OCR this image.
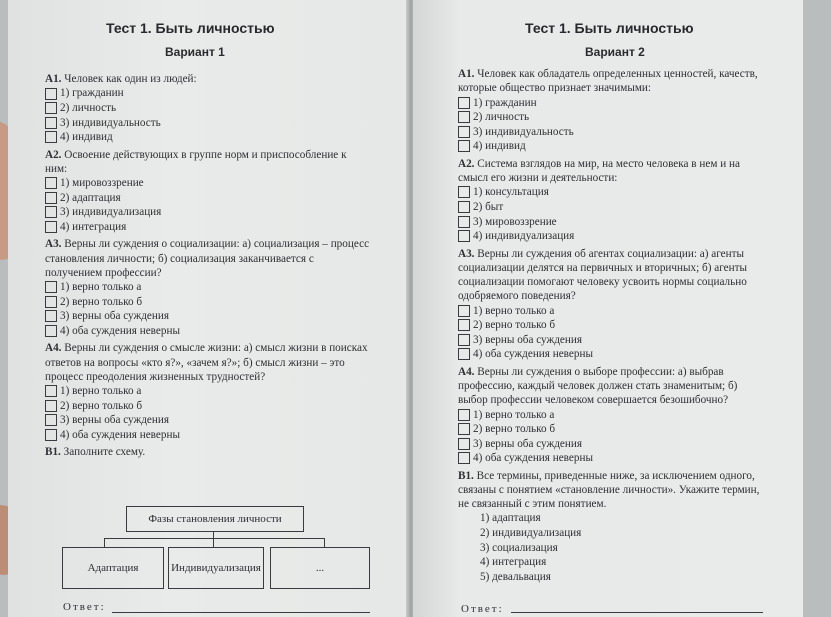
Тест 1. Быть личностью
Вариант 1

А1. Человек как один из людей:

1) гражданин
2) личность
3) индивидуальность
4) индивид

А2. Освоение действующих в группе норм и приспособление к ним:

1) мировоззрение
2) адаптация
3) индивидуализация
4) интеграция

А3. Верны ли суждения о социализации: а) социализация – процесс становления личности; б) социализация заканчивается с получением профессии?

1) верно только а
2) верно только б
3) верны оба суждения
4) оба суждения неверны

А4. Верны ли суждения о смысле жизни: а) смысл жизни в поисках ответов на вопросы «кто я?», «зачем я?»; б) смысл жизни – это процесс преодоления жизненных трудностей?

1) верно только а
2) верно только б
3) верны оба суждения
4) оба суждения неверны

В1. Заполните схему.

Фазы становления личности
Адаптация	Индивидуализация	...
Ответ:
Тест 1. Быть личностью
Вариант 2

А1. Человек как обладатель определенных ценностей, качеств, которые общество признает значимыми:

1) гражданин
2) личность
3) индивидуальность
4) индивид

А2. Система взглядов на мир, на место человека в нем и на смысл его жизни и деятельности:

1) консультация
2) быт
3) мировоззрение
4) индивидуализация

А3. Верны ли суждения об агентах социализации: а) агенты социализации делятся на первичных и вторичных; б) агенты социализации помогают человеку усвоить нормы социально одобряемого поведения?

1) верно только а
2) верно только б
3) верны оба суждения
4) оба суждения неверны

А4. Верны ли суждения о выборе профессии: а) выбрав профессию, каждый человек должен стать знаменитым; б) выбор профессии человеком совершается безошибочно?

1) верно только а
2) верно только б
3) верны оба суждения
4) оба суждения неверны

В1. Все термины, приведенные ниже, за исключением одного, связаны с понятием «становление личности». Укажите термин, не связанный с этим понятием.

1) адаптация
2) индивидуализация
3) социализация
4) интеграция
5) девальвация
Ответ:
